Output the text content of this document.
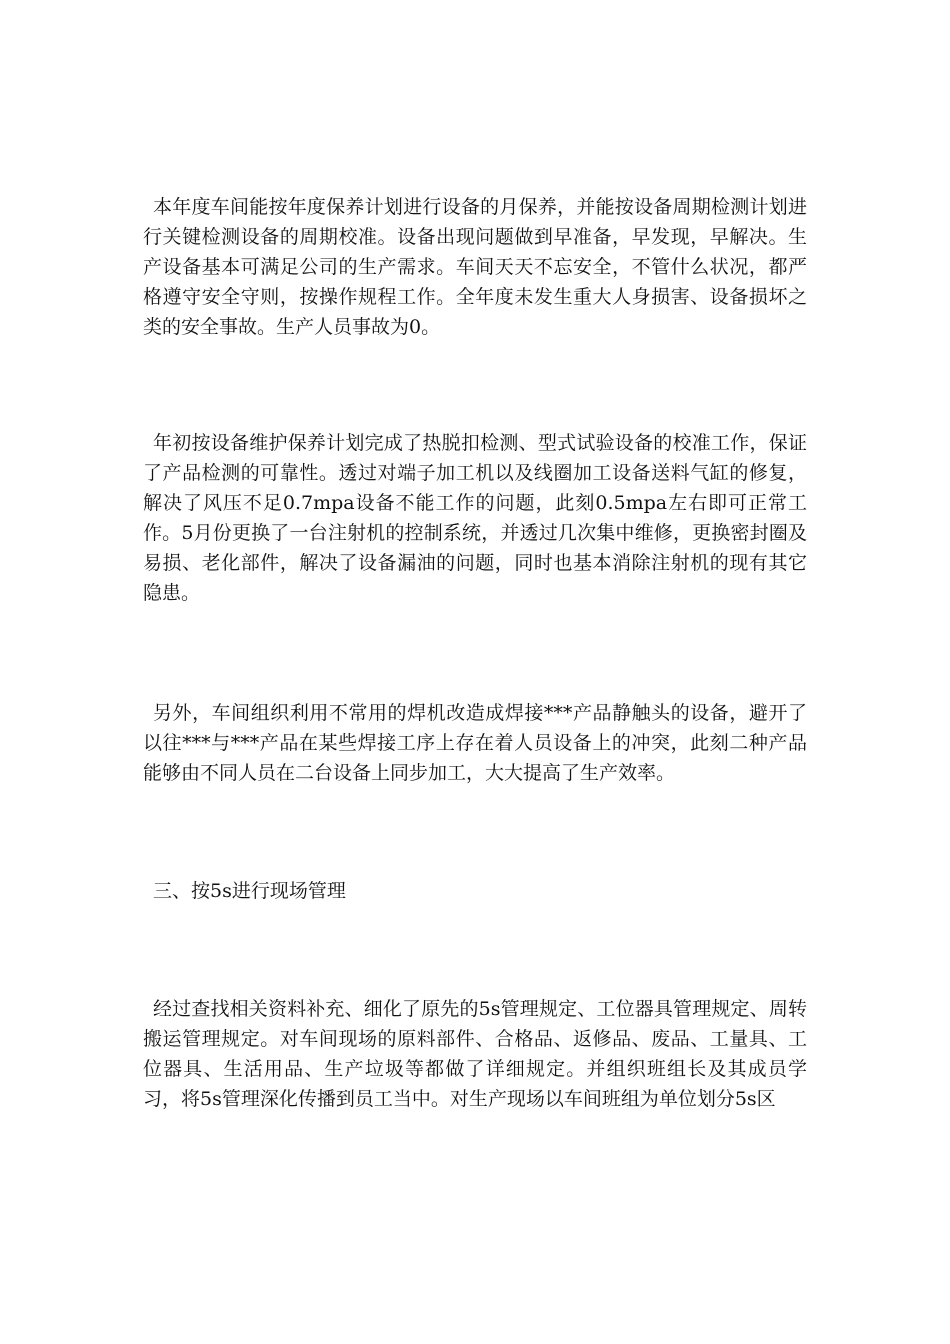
本年度车间能按年度保养计划进行设备的月保养，并能按设备周期检测计划进行关键检测设备的周期校准。设备出现问题做到早准备，早发现，早解决。生产设备基本可满足公司的生产需求。车间天天不忘安全，不管什么状况，都严格遵守安全守则，按操作规程工作。全年度未发生重大人身损害、设备损坏之类的安全事故。生产人员事故为0。

年初按设备维护保养计划完成了热脱扣检测、型式试验设备的校准工作，保证了产品检测的可靠性。透过对端子加工机以及线圈加工设备送料气缸的修复，解决了风压不足0.7mpa设备不能工作的问题，此刻0.5mpa左右即可正常工作。5月份更换了一台注射机的控制系统，并透过几次集中维修，更换密封圈及易损、老化部件，解决了设备漏油的问题，同时也基本消除注射机的现有其它隐患。

另外，车间组织利用不常用的焊机改造成焊接***产品静触头的设备，避开了以往***与***产品在某些焊接工序上存在着人员设备上的冲突，此刻二种产品能够由不同人员在二台设备上同步加工，大大提高了生产效率。

三、按5s进行现场管理

经过查找相关资料补充、细化了原先的5s管理规定、工位器具管理规定、周转搬运管理规定。对车间现场的原料部件、合格品、返修品、废品、工量具、工位器具、生活用品、生产垃圾等都做了详细规定。并组织班组长及其成员学习，将5s管理深化传播到员工当中。对生产现场以车间班组为单位划分5s区
